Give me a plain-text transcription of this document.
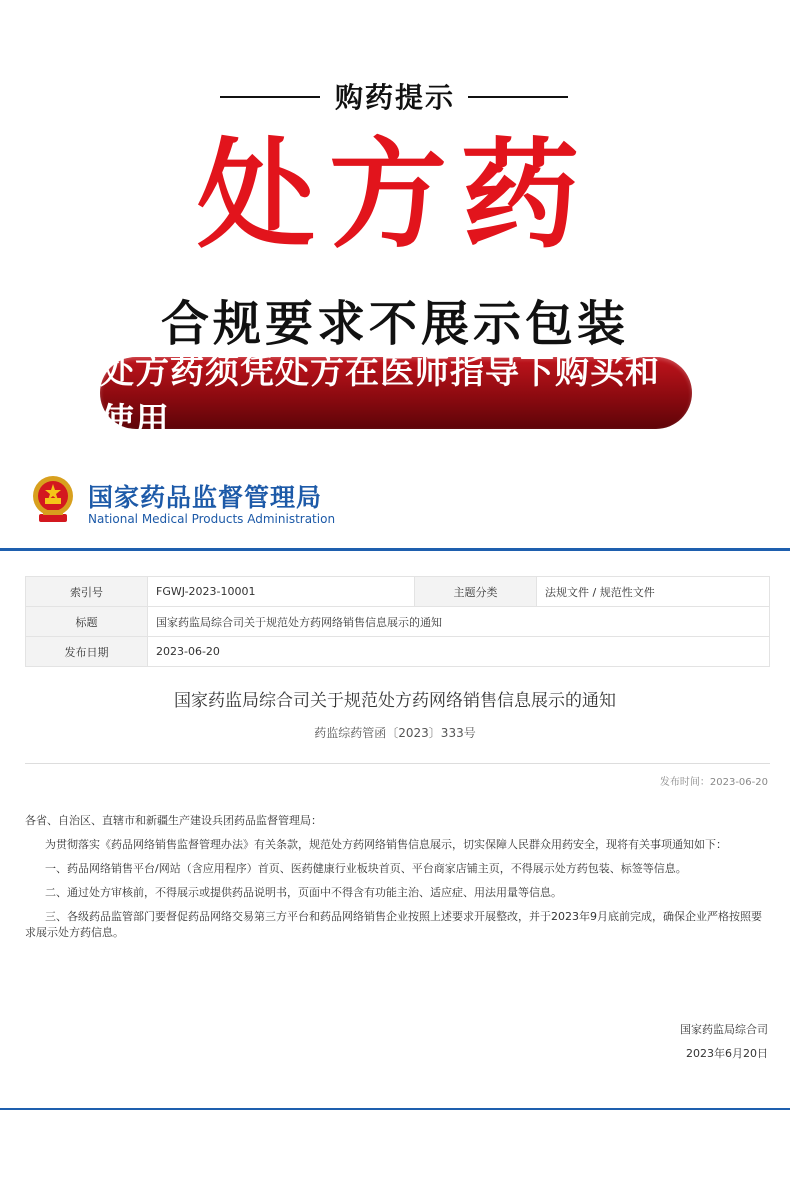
购药提示
处方药
合规要求不展示包装
处方药须凭处方在医师指导下购买和使用
国家药品监督管理局
National Medical Products Administration
索引号	FGWJ-2023-10001	主题分类	法规文件 / 规范性文件
标题	国家药监局综合司关于规范处方药网络销售信息展示的通知		
发布日期	2023-06-20		
国家药监局综合司关于规范处方药网络销售信息展示的通知
药监综药管函〔2023〕333号
发布时间：2023-06-20
各省、自治区、直辖市和新疆生产建设兵团药品监督管理局：
为贯彻落实《药品网络销售监督管理办法》有关条款，规范处方药网络销售信息展示，切实保障人民群众用药安全，现将有关事项通知如下：
一、药品网络销售平台/网站（含应用程序）首页、医药健康行业板块首页、平台商家店铺主页，不得展示处方药包装、标签等信息。
二、通过处方审核前，不得展示或提供药品说明书，页面中不得含有功能主治、适应症、用法用量等信息。
三、各级药品监管部门要督促药品网络交易第三方平台和药品网络销售企业按照上述要求开展整改，并于2023年9月底前完成，确保企业严格按照要求展示处方药信息。
国家药监局综合司
2023年6月20日
